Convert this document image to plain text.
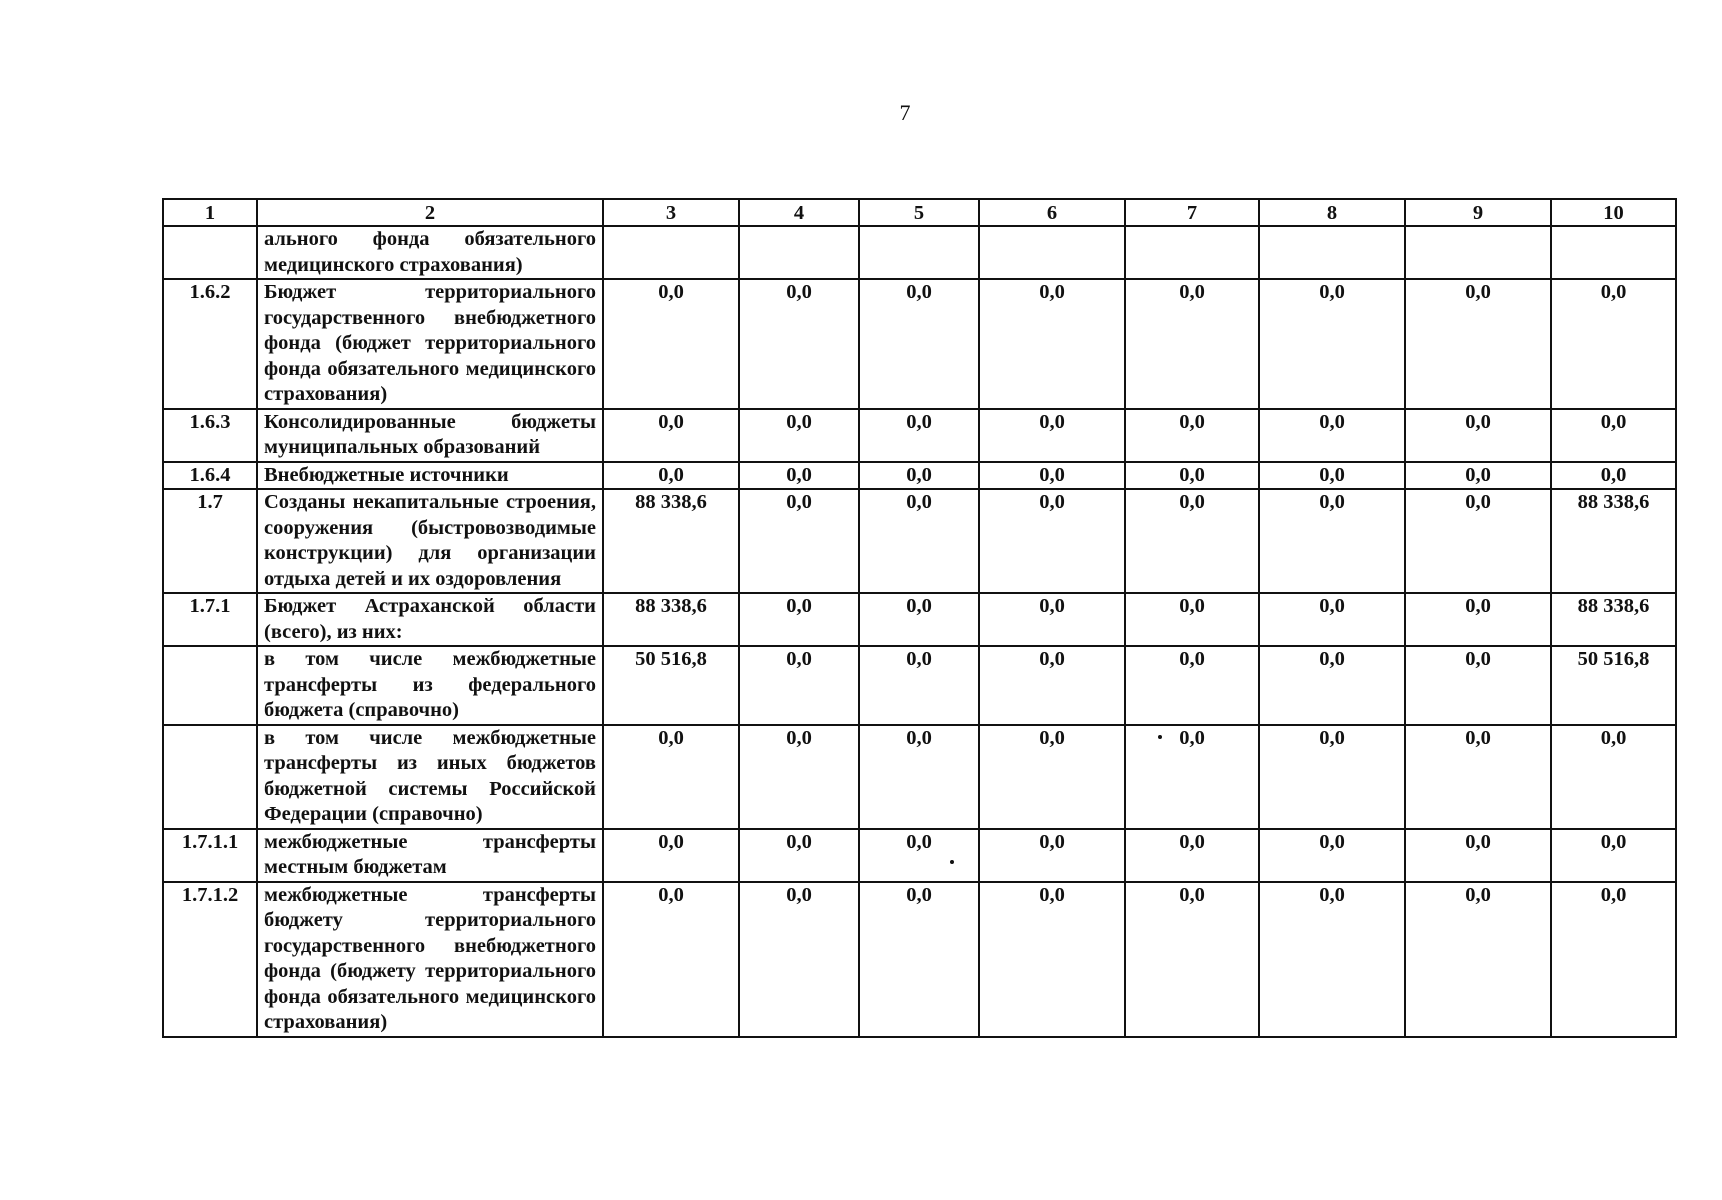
7
1	2	3	4	5	6	7	8	9	10
	ального фонда обязательного медицинского страхования)								
1.6.2	Бюджет территориального государственного внебюджетного фонда (бюджет территориального фонда обязательного медицинского страхования)	0,0	0,0	0,0	0,0	0,0	0,0	0,0	0,0
1.6.3	Консолидированные бюджеты муниципальных образований	0,0	0,0	0,0	0,0	0,0	0,0	0,0	0,0
1.6.4	Внебюджетные источники	0,0	0,0	0,0	0,0	0,0	0,0	0,0	0,0
1.7	Созданы некапитальные строения, сооружения (быстровозводимые конструкции) для организации отдыха детей и их оздоровления	88 338,6	0,0	0,0	0,0	0,0	0,0	0,0	88 338,6
1.7.1	Бюджет Астраханской области (всего), из них:	88 338,6	0,0	0,0	0,0	0,0	0,0	0,0	88 338,6
	в том числе межбюджетные трансферты из федерального бюджета (справочно)	50 516,8	0,0	0,0	0,0	0,0	0,0	0,0	50 516,8
	в том числе межбюджетные трансферты из иных бюджетов бюджетной системы Российской Федерации (справочно)	0,0	0,0	0,0	0,0	0,0	0,0	0,0	0,0
1.7.1.1	межбюджетные трансферты местным бюджетам	0,0	0,0	0,0	0,0	0,0	0,0	0,0	0,0
1.7.1.2	межбюджетные трансферты бюджету территориального государственного внебюджетного фонда (бюджету территориального фонда обязательного медицинского страхования)	0,0	0,0	0,0	0,0	0,0	0,0	0,0	0,0
